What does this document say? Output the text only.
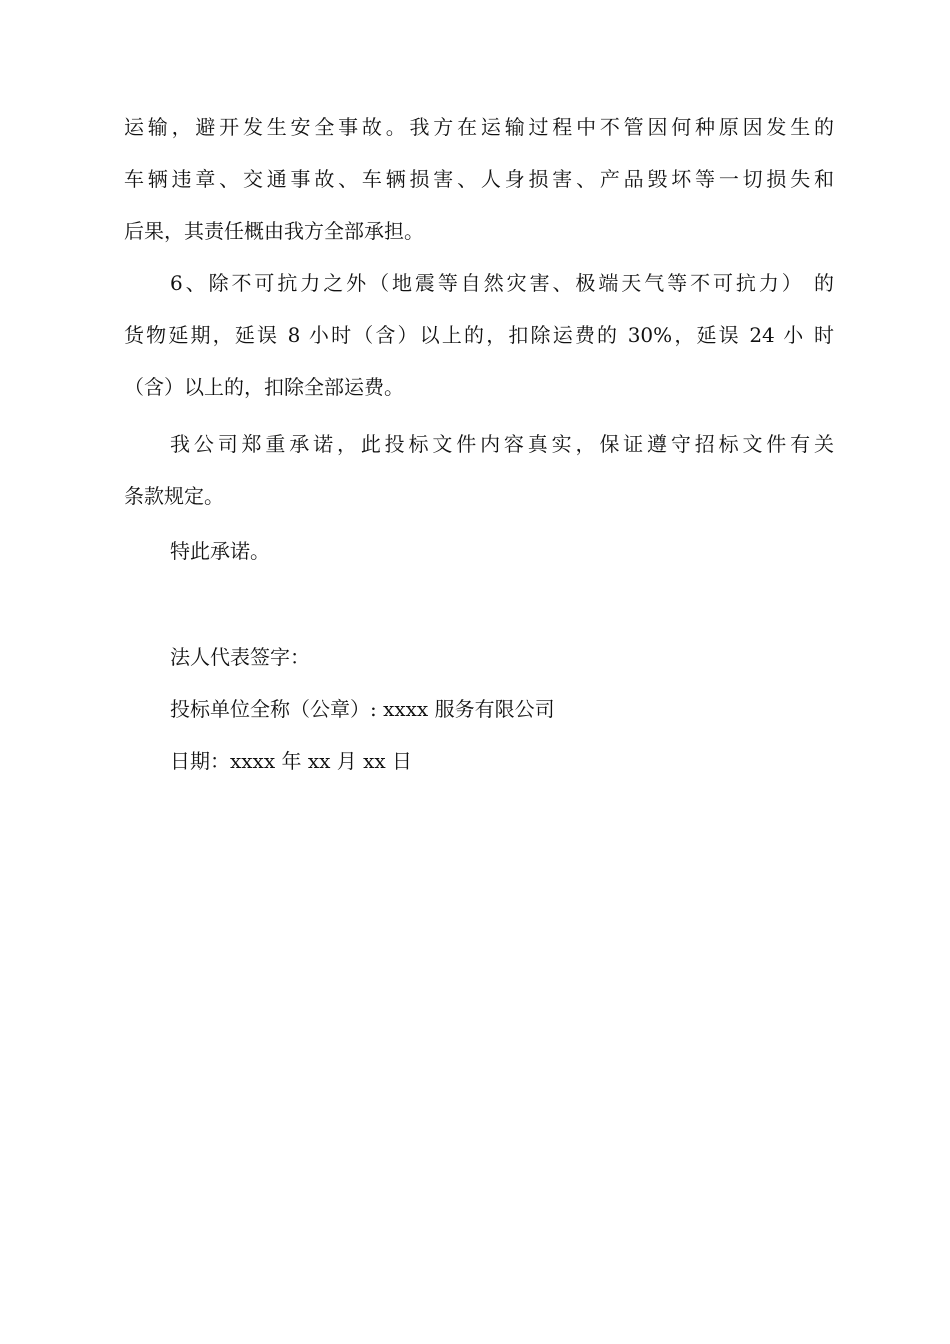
运输，避开发生安全事故。我方在运输过程中不管因何种原因发生的
车辆违章、交通事故、车辆损害、人身损害、产品毁坏等一切损失和
后果，其责任概由我方全部承担。
6、除不可抗力之外（地震等自然灾害、极端天气等不可抗力） 的
货物延期，延误 8 小时（含）以上的，扣除运费的 30%，延误 24 小 时
（含）以上的，扣除全部运费。
我公司郑重承诺，此投标文件内容真实，保证遵守招标文件有关
条款规定。
特此承诺。
法人代表签字：
投标单位全称（公章）: xxxx 服务有限公司
日期：xxxx 年 xx 月 xx 日
